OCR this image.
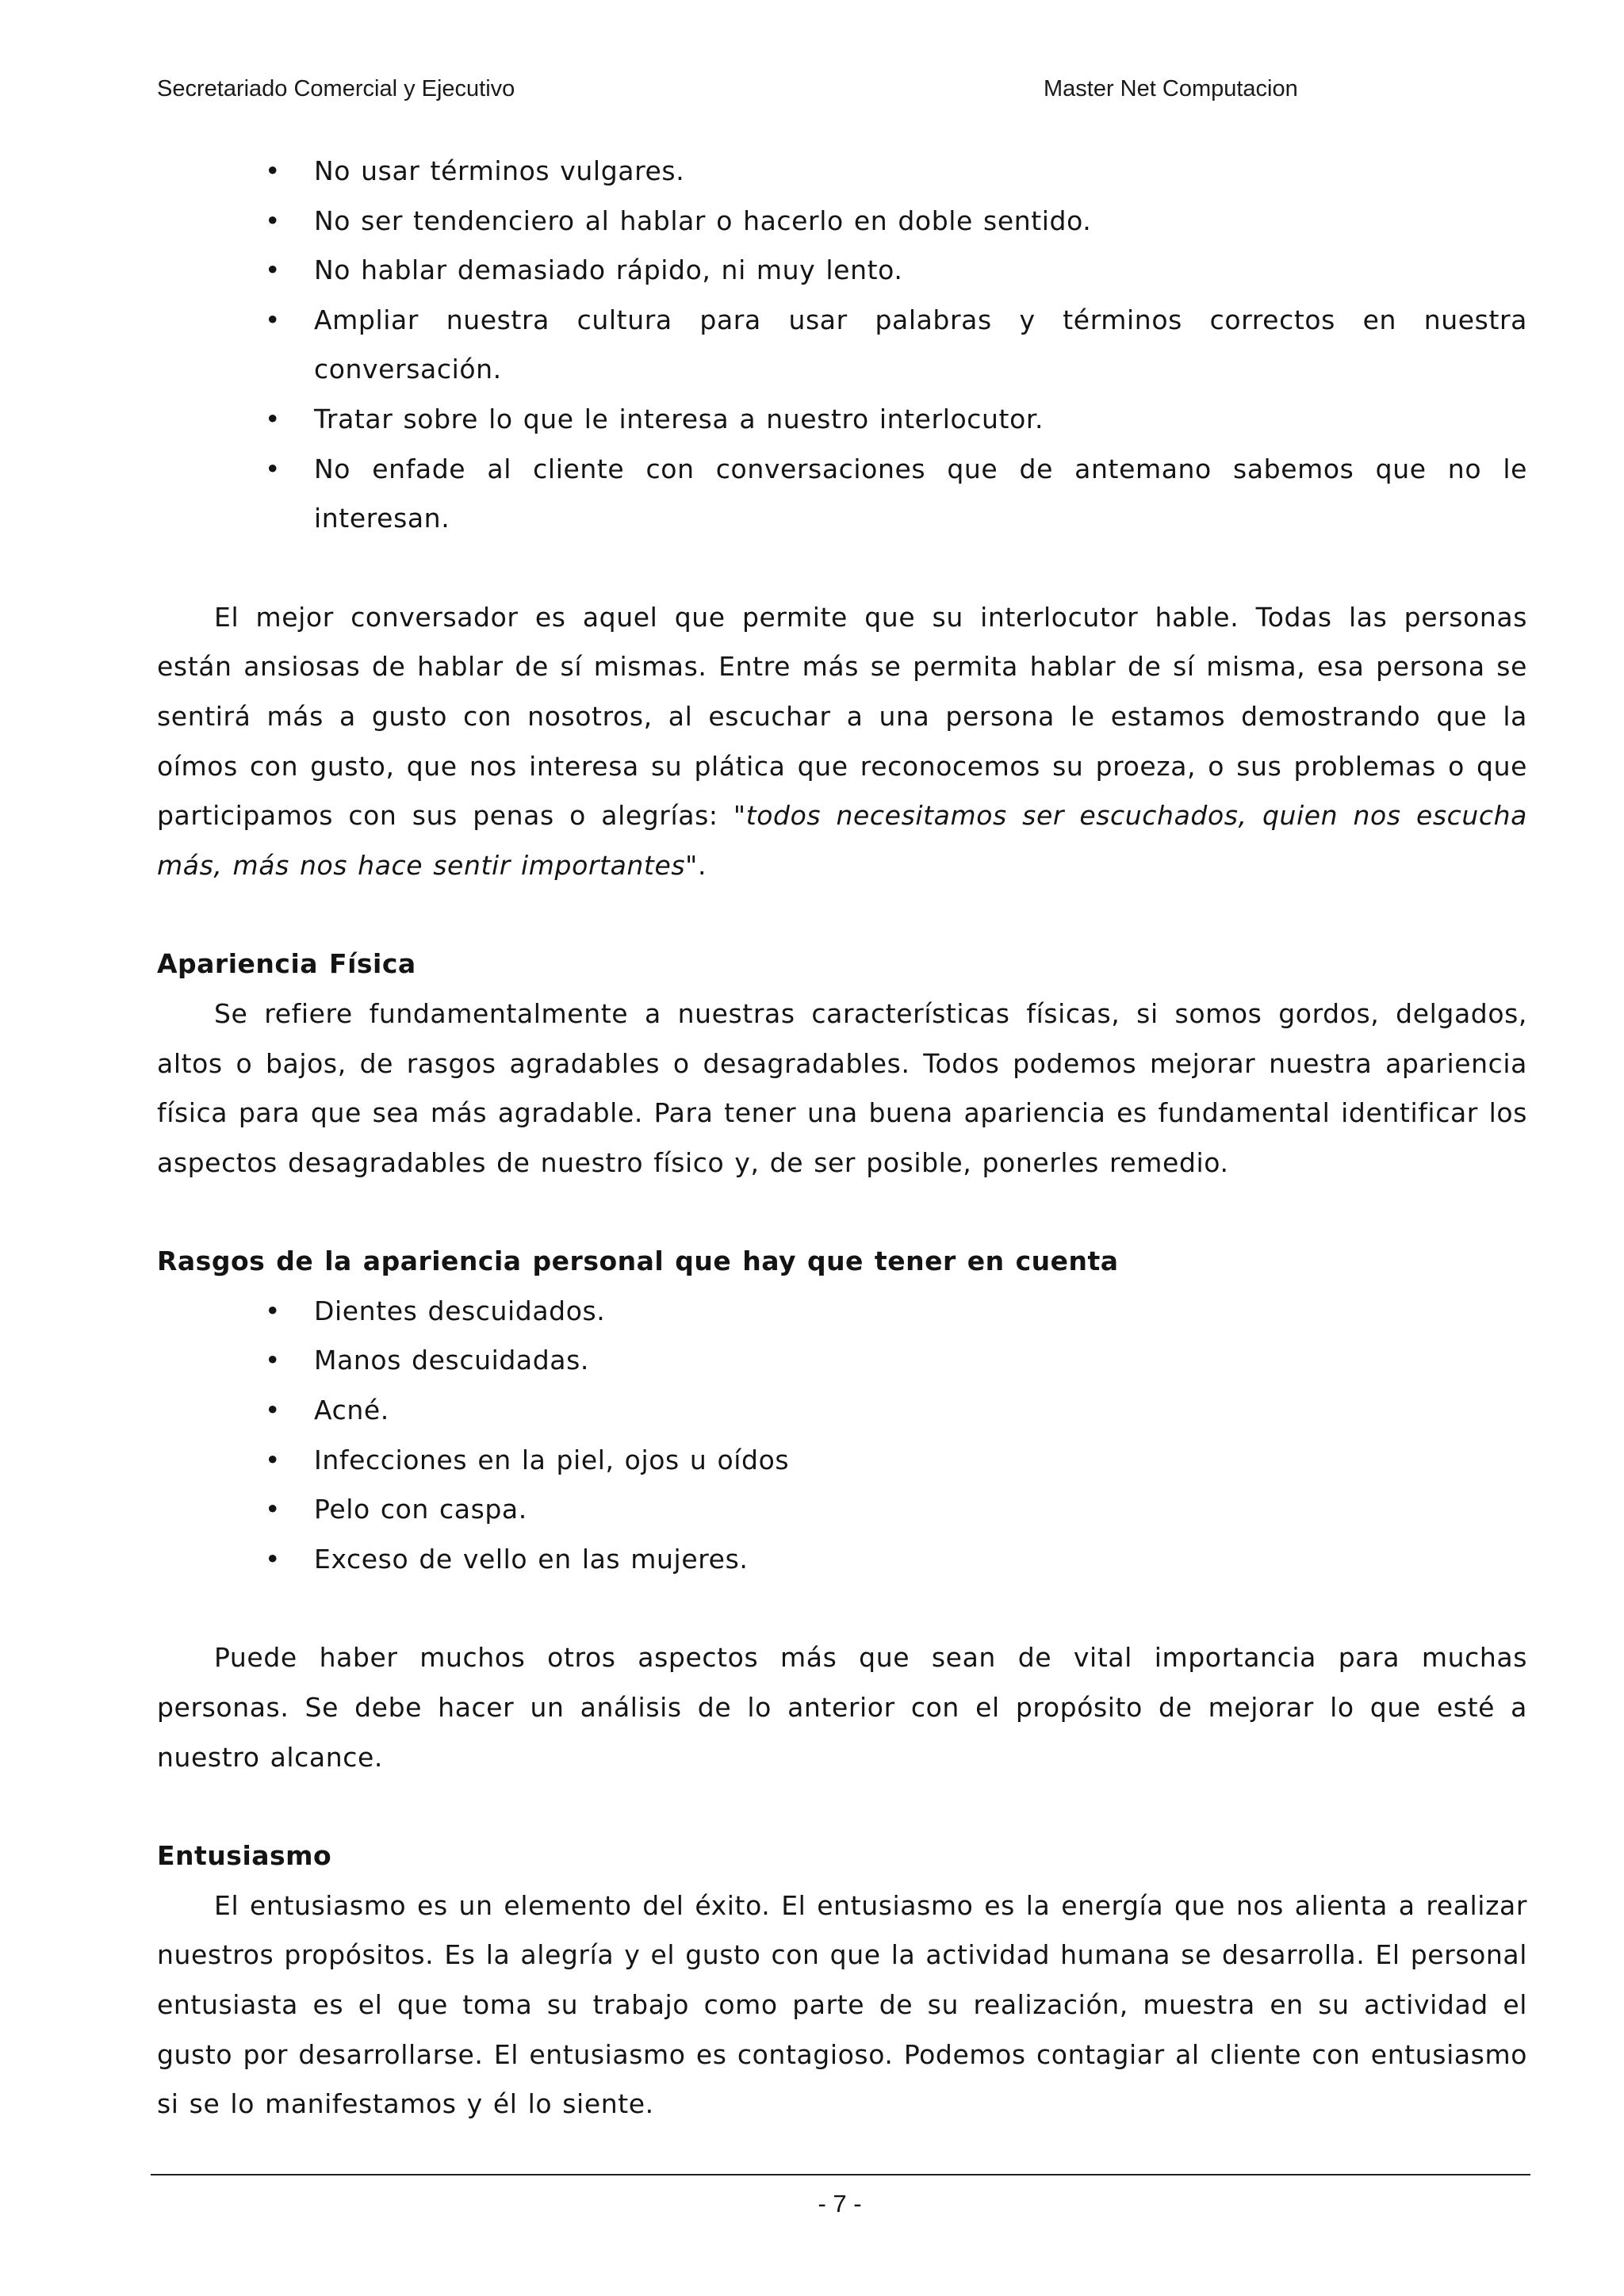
Secretariado Comercial y Ejecutivo	Master Net Computacion
• No usar términos vulgares.
• No ser tendenciero al hablar o hacerlo en doble sentido.
• No hablar demasiado rápido, ni muy lento.
• Ampliar nuestra cultura para usar palabras y términos correctos en nuestra conversación.
• Tratar sobre lo que le interesa a nuestro interlocutor.
• No enfade al cliente con conversaciones que de antemano sabemos que no le interesan.

El mejor conversador es aquel que permite que su interlocutor hable. Todas las personas están ansiosas de hablar de sí mismas. Entre más se permita hablar de sí misma, esa persona se sentirá más a gusto con nosotros, al escuchar a una persona le estamos demostrando que la oímos con gusto, que nos interesa su plática que reconocemos su proeza, o sus problemas o que participamos con sus penas o alegrías: "todos necesitamos ser escuchados, quien nos escucha más, más nos hace sentir importantes".

Apariencia Física

Se refiere fundamentalmente a nuestras características físicas, si somos gordos, delgados, altos o bajos, de rasgos agradables o desagradables. Todos podemos mejorar nuestra apariencia física para que sea más agradable. Para tener una buena apariencia es fundamental identificar los aspectos desagradables de nuestro físico y, de ser posible, ponerles remedio.

Rasgos de la apariencia personal que hay que tener en cuenta
• Dientes descuidados.
• Manos descuidadas.
• Acné.
• Infecciones en la piel, ojos u oídos
• Pelo con caspa.
• Exceso de vello en las mujeres.

Puede haber muchos otros aspectos más que sean de vital importancia para muchas personas. Se debe hacer un análisis de lo anterior con el propósito de mejorar lo que esté a nuestro alcance.

Entusiasmo

El entusiasmo es un elemento del éxito. El entusiasmo es la energía que nos alienta a realizar nuestros propósitos. Es la alegría y el gusto con que la actividad humana se desarrolla. El personal entusiasta es el que toma su trabajo como parte de su realización, muestra en su actividad el gusto por desarrollarse. El entusiasmo es contagioso. Podemos contagiar al cliente con entusiasmo si se lo manifestamos y él lo siente.

- 7 -
